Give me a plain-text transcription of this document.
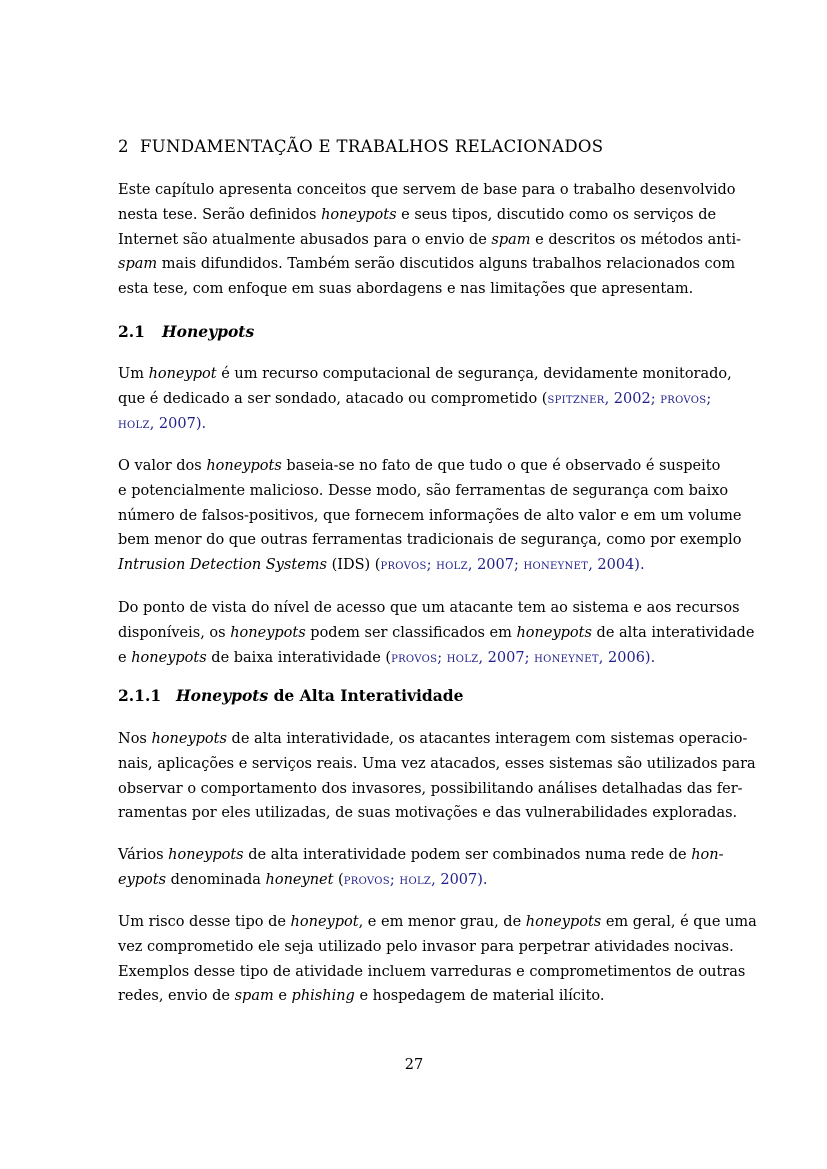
2 FUNDAMENTAÇÃO E TRABALHOS RELACIONADOS
Este capítulo apresenta conceitos que servem de base para o trabalho desenvolvido
nesta tese. Serão definidos honeypots e seus tipos, discutido como os serviços de
Internet são atualmente abusados para o envio de spam e descritos os métodos anti-
spam mais difundidos. Também serão discutidos alguns trabalhos relacionados com
esta tese, com enfoque em suas abordagens e nas limitações que apresentam.
2.1 Honeypots
Um honeypot é um recurso computacional de segurança, devidamente monitorado,
que é dedicado a ser sondado, atacado ou comprometido (spitzner, 2002; provos;
holz, 2007).
O valor dos honeypots baseia-se no fato de que tudo o que é observado é suspeito
e potencialmente malicioso. Desse modo, são ferramentas de segurança com baixo
número de falsos-positivos, que fornecem informações de alto valor e em um volume
bem menor do que outras ferramentas tradicionais de segurança, como por exemplo
Intrusion Detection Systems (IDS) (provos; holz, 2007; honeynet, 2004).
Do ponto de vista do nível de acesso que um atacante tem ao sistema e aos recursos
disponíveis, os honeypots podem ser classificados em honeypots de alta interatividade
e honeypots de baixa interatividade (provos; holz, 2007; honeynet, 2006).
2.1.1 Honeypots de Alta Interatividade
Nos honeypots de alta interatividade, os atacantes interagem com sistemas operacio-
nais, aplicações e serviços reais. Uma vez atacados, esses sistemas são utilizados para
observar o comportamento dos invasores, possibilitando análises detalhadas das fer-
ramentas por eles utilizadas, de suas motivações e das vulnerabilidades exploradas.
Vários honeypots de alta interatividade podem ser combinados numa rede de hon-
eypots denominada honeynet (provos; holz, 2007).
Um risco desse tipo de honeypot, e em menor grau, de honeypots em geral, é que uma
vez comprometido ele seja utilizado pelo invasor para perpetrar atividades nocivas.
Exemplos desse tipo de atividade incluem varreduras e comprometimentos de outras
redes, envio de spam e phishing e hospedagem de material ilícito.
27
